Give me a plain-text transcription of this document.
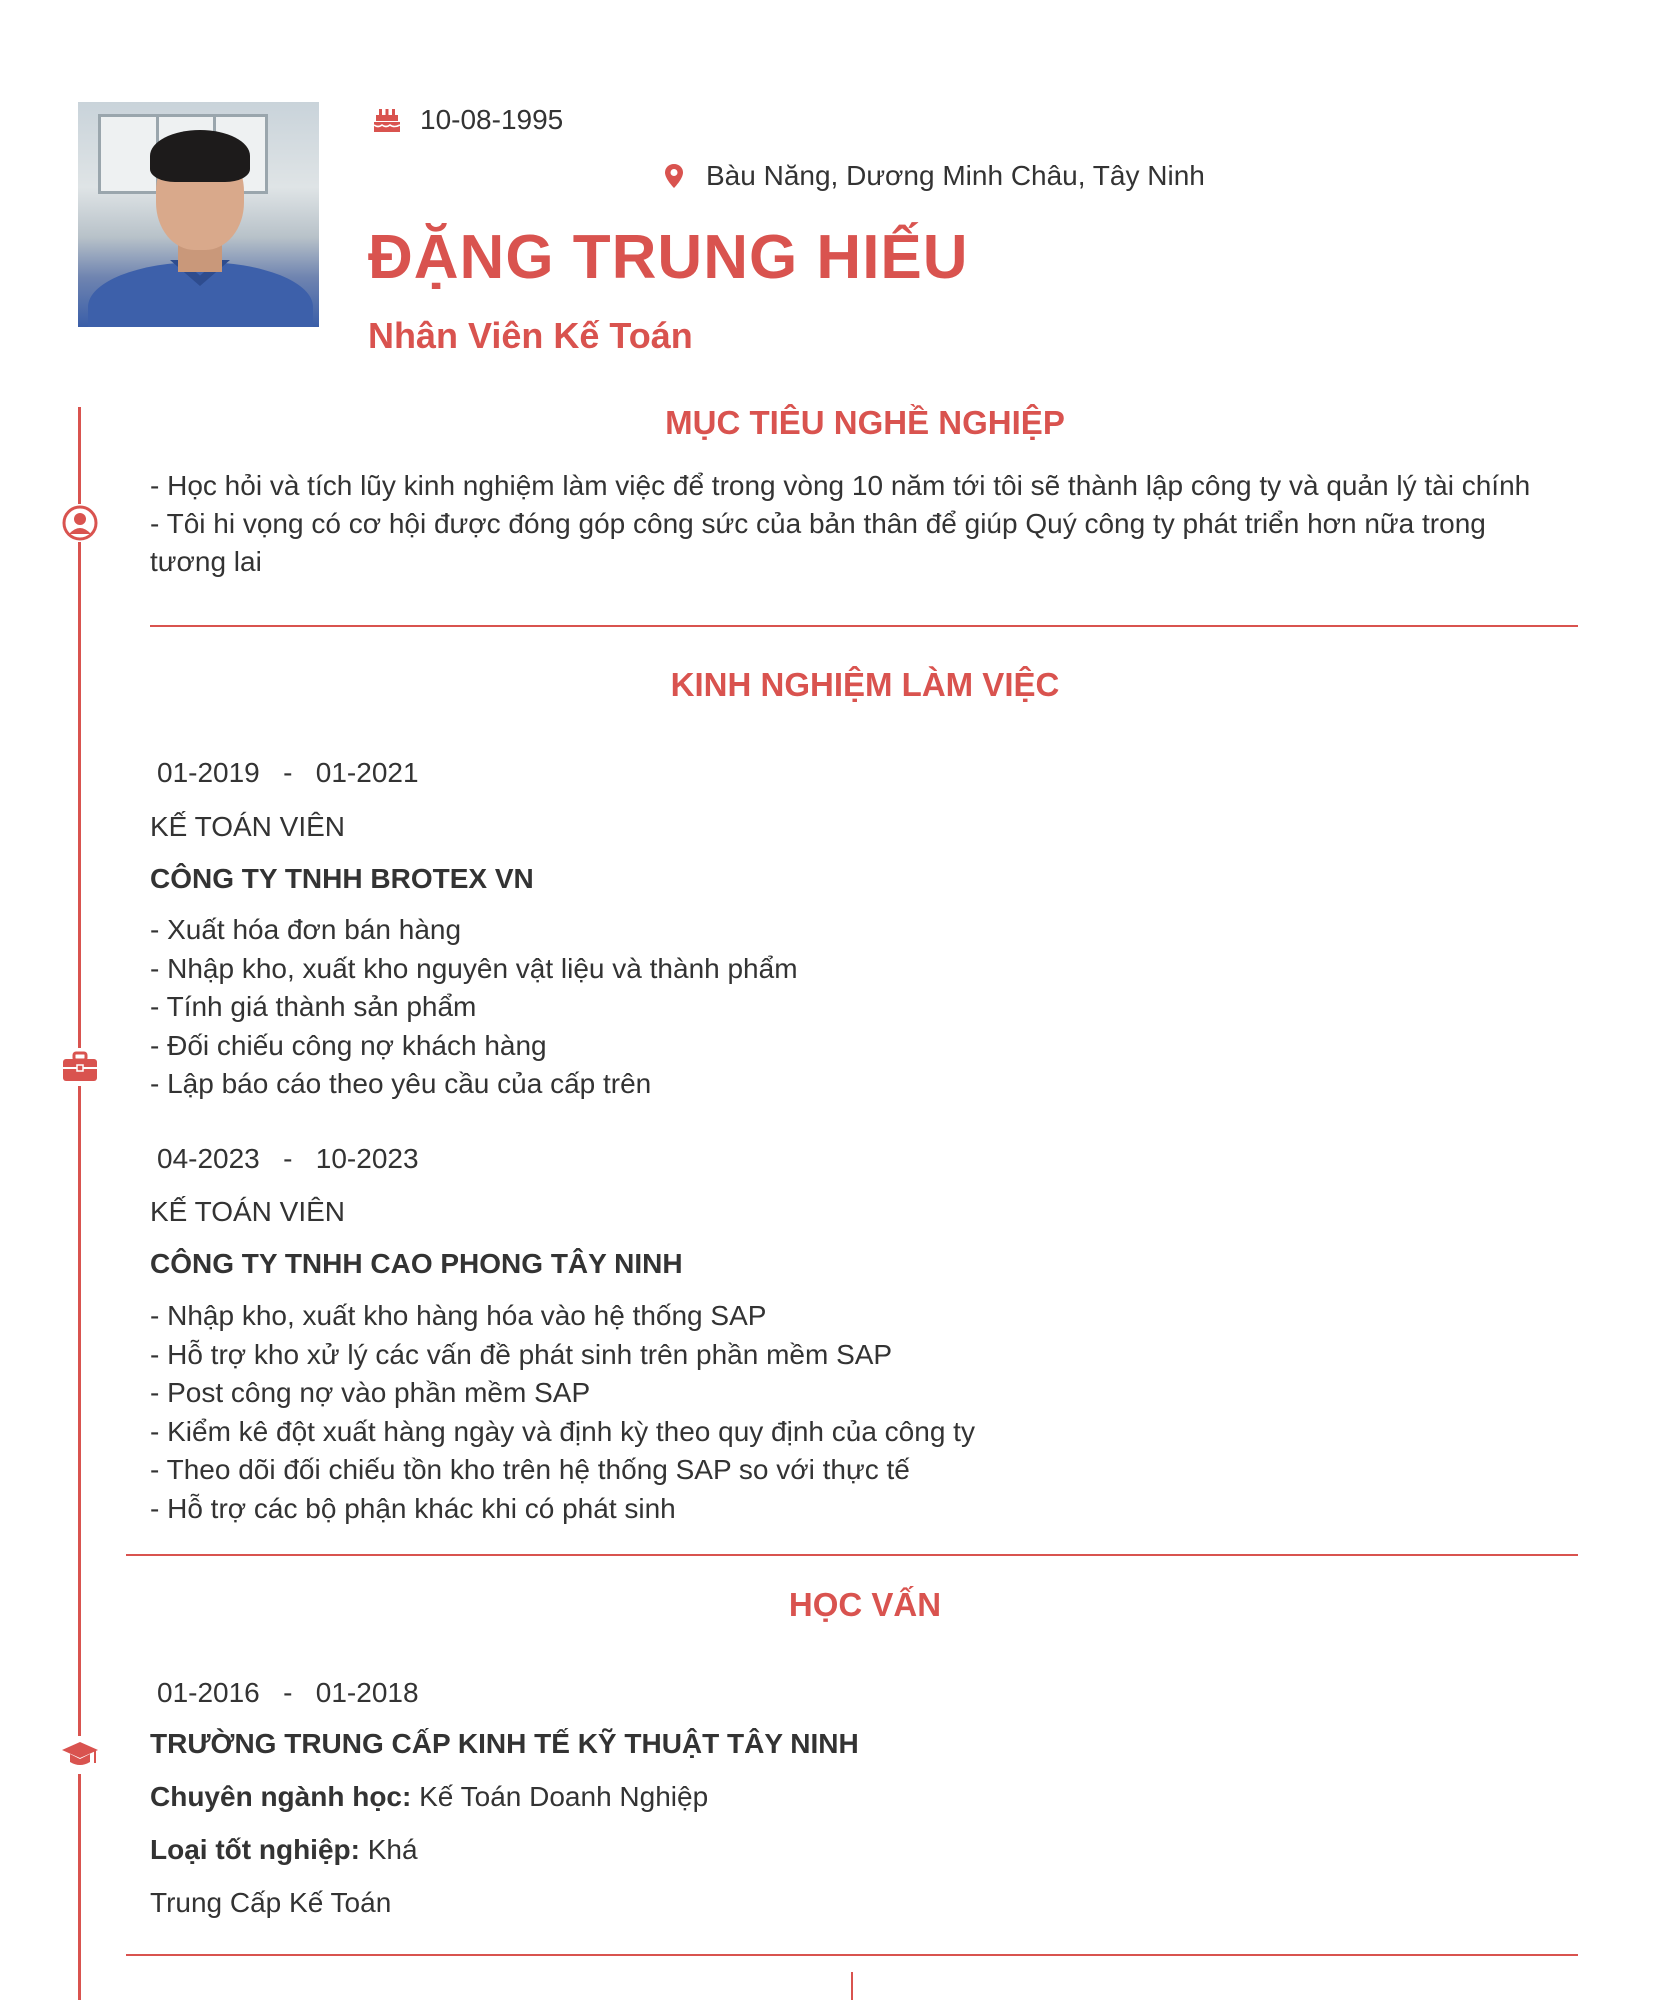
10-08-1995
Bàu Năng, Dương Minh Châu, Tây Ninh
ĐẶNG TRUNG HIẾU
Nhân Viên Kế Toán
MỤC TIÊU NGHỀ NGHIỆP

- Học hỏi và tích lũy kinh nghiệm làm việc để trong vòng 10 năm tới tôi sẽ thành lập công ty và quản lý tài chính

- Tôi hi vọng có cơ hội được đóng góp công sức của bản thân để giúp Quý công ty phát triển hơn nữa trong

tương lai

KINH NGHIỆM LÀM VIỆC
01-2019 - 01-2021
KẾ TOÁN VIÊN
CÔNG TY TNHH BROTEX VN
- Xuất hóa đơn bán hàng
- Nhập kho, xuất kho nguyên vật liệu và thành phẩm
- Tính giá thành sản phẩm
- Đối chiếu công nợ khách hàng
- Lập báo cáo theo yêu cầu của cấp trên
04-2023 - 10-2023
KẾ TOÁN VIÊN
CÔNG TY TNHH CAO PHONG TÂY NINH
- Nhập kho, xuất kho hàng hóa vào hệ thống SAP
- Hỗ trợ kho xử lý các vấn đề phát sinh trên phần mềm SAP
- Post công nợ vào phần mềm SAP
- Kiểm kê đột xuất hàng ngày và định kỳ theo quy định của công ty
- Theo dõi đối chiếu tồn kho trên hệ thống SAP so với thực tế
- Hỗ trợ các bộ phận khác khi có phát sinh
HỌC VẤN
01-2016 - 01-2018
TRƯỜNG TRUNG CẤP KINH TẾ KỸ THUẬT TÂY NINH
Chuyên ngành học: Kế Toán Doanh Nghiệp
Loại tốt nghiệp: Khá
Trung Cấp Kế Toán
